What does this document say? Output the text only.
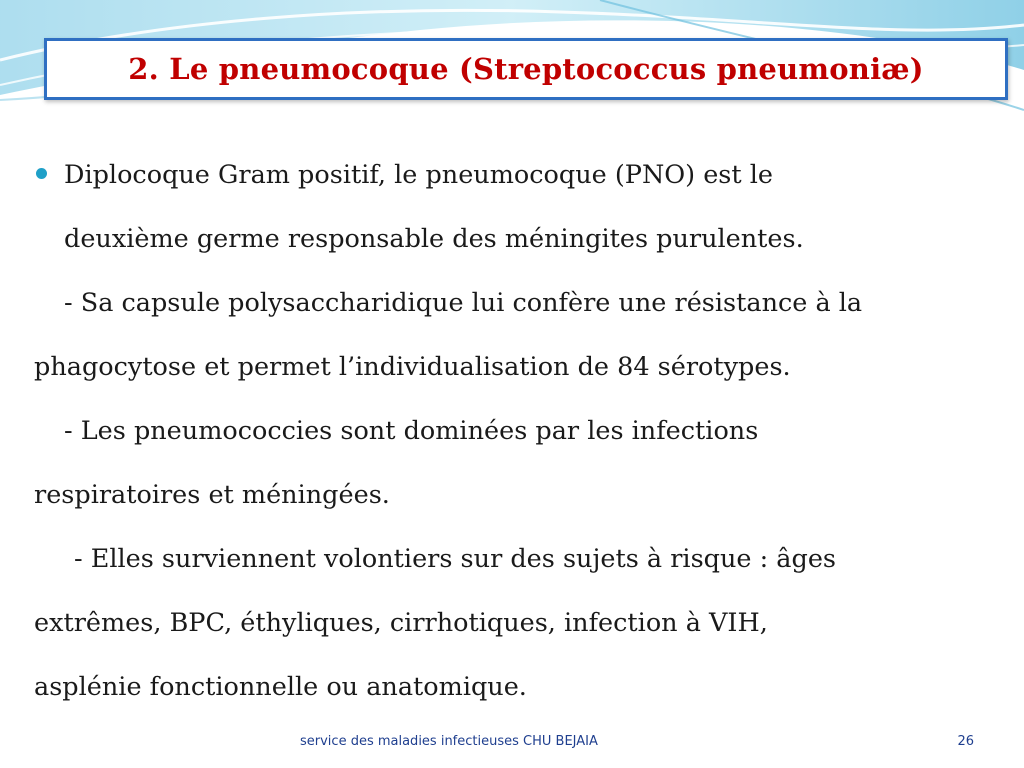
2. Le pneumocoque (Streptococcus pneumoniæ)
Diplocoque Gram positif, le pneumocoque (PNO) est le
deuxième germe responsable des méningites purulentes.
- Sa capsule polysaccharidique lui confère une résistance à la
phagocytose et permet l’individualisation de 84 sérotypes.
- Les pneumococcies sont dominées par les infections
respiratoires et méningées.
- Elles surviennent volontiers sur des sujets à risque : âges
extrêmes, BPC, éthyliques, cirrhotiques, infection à VIH,
asplénie fonctionnelle ou anatomique.
service des maladies infectieuses CHU BEJAIA	26
